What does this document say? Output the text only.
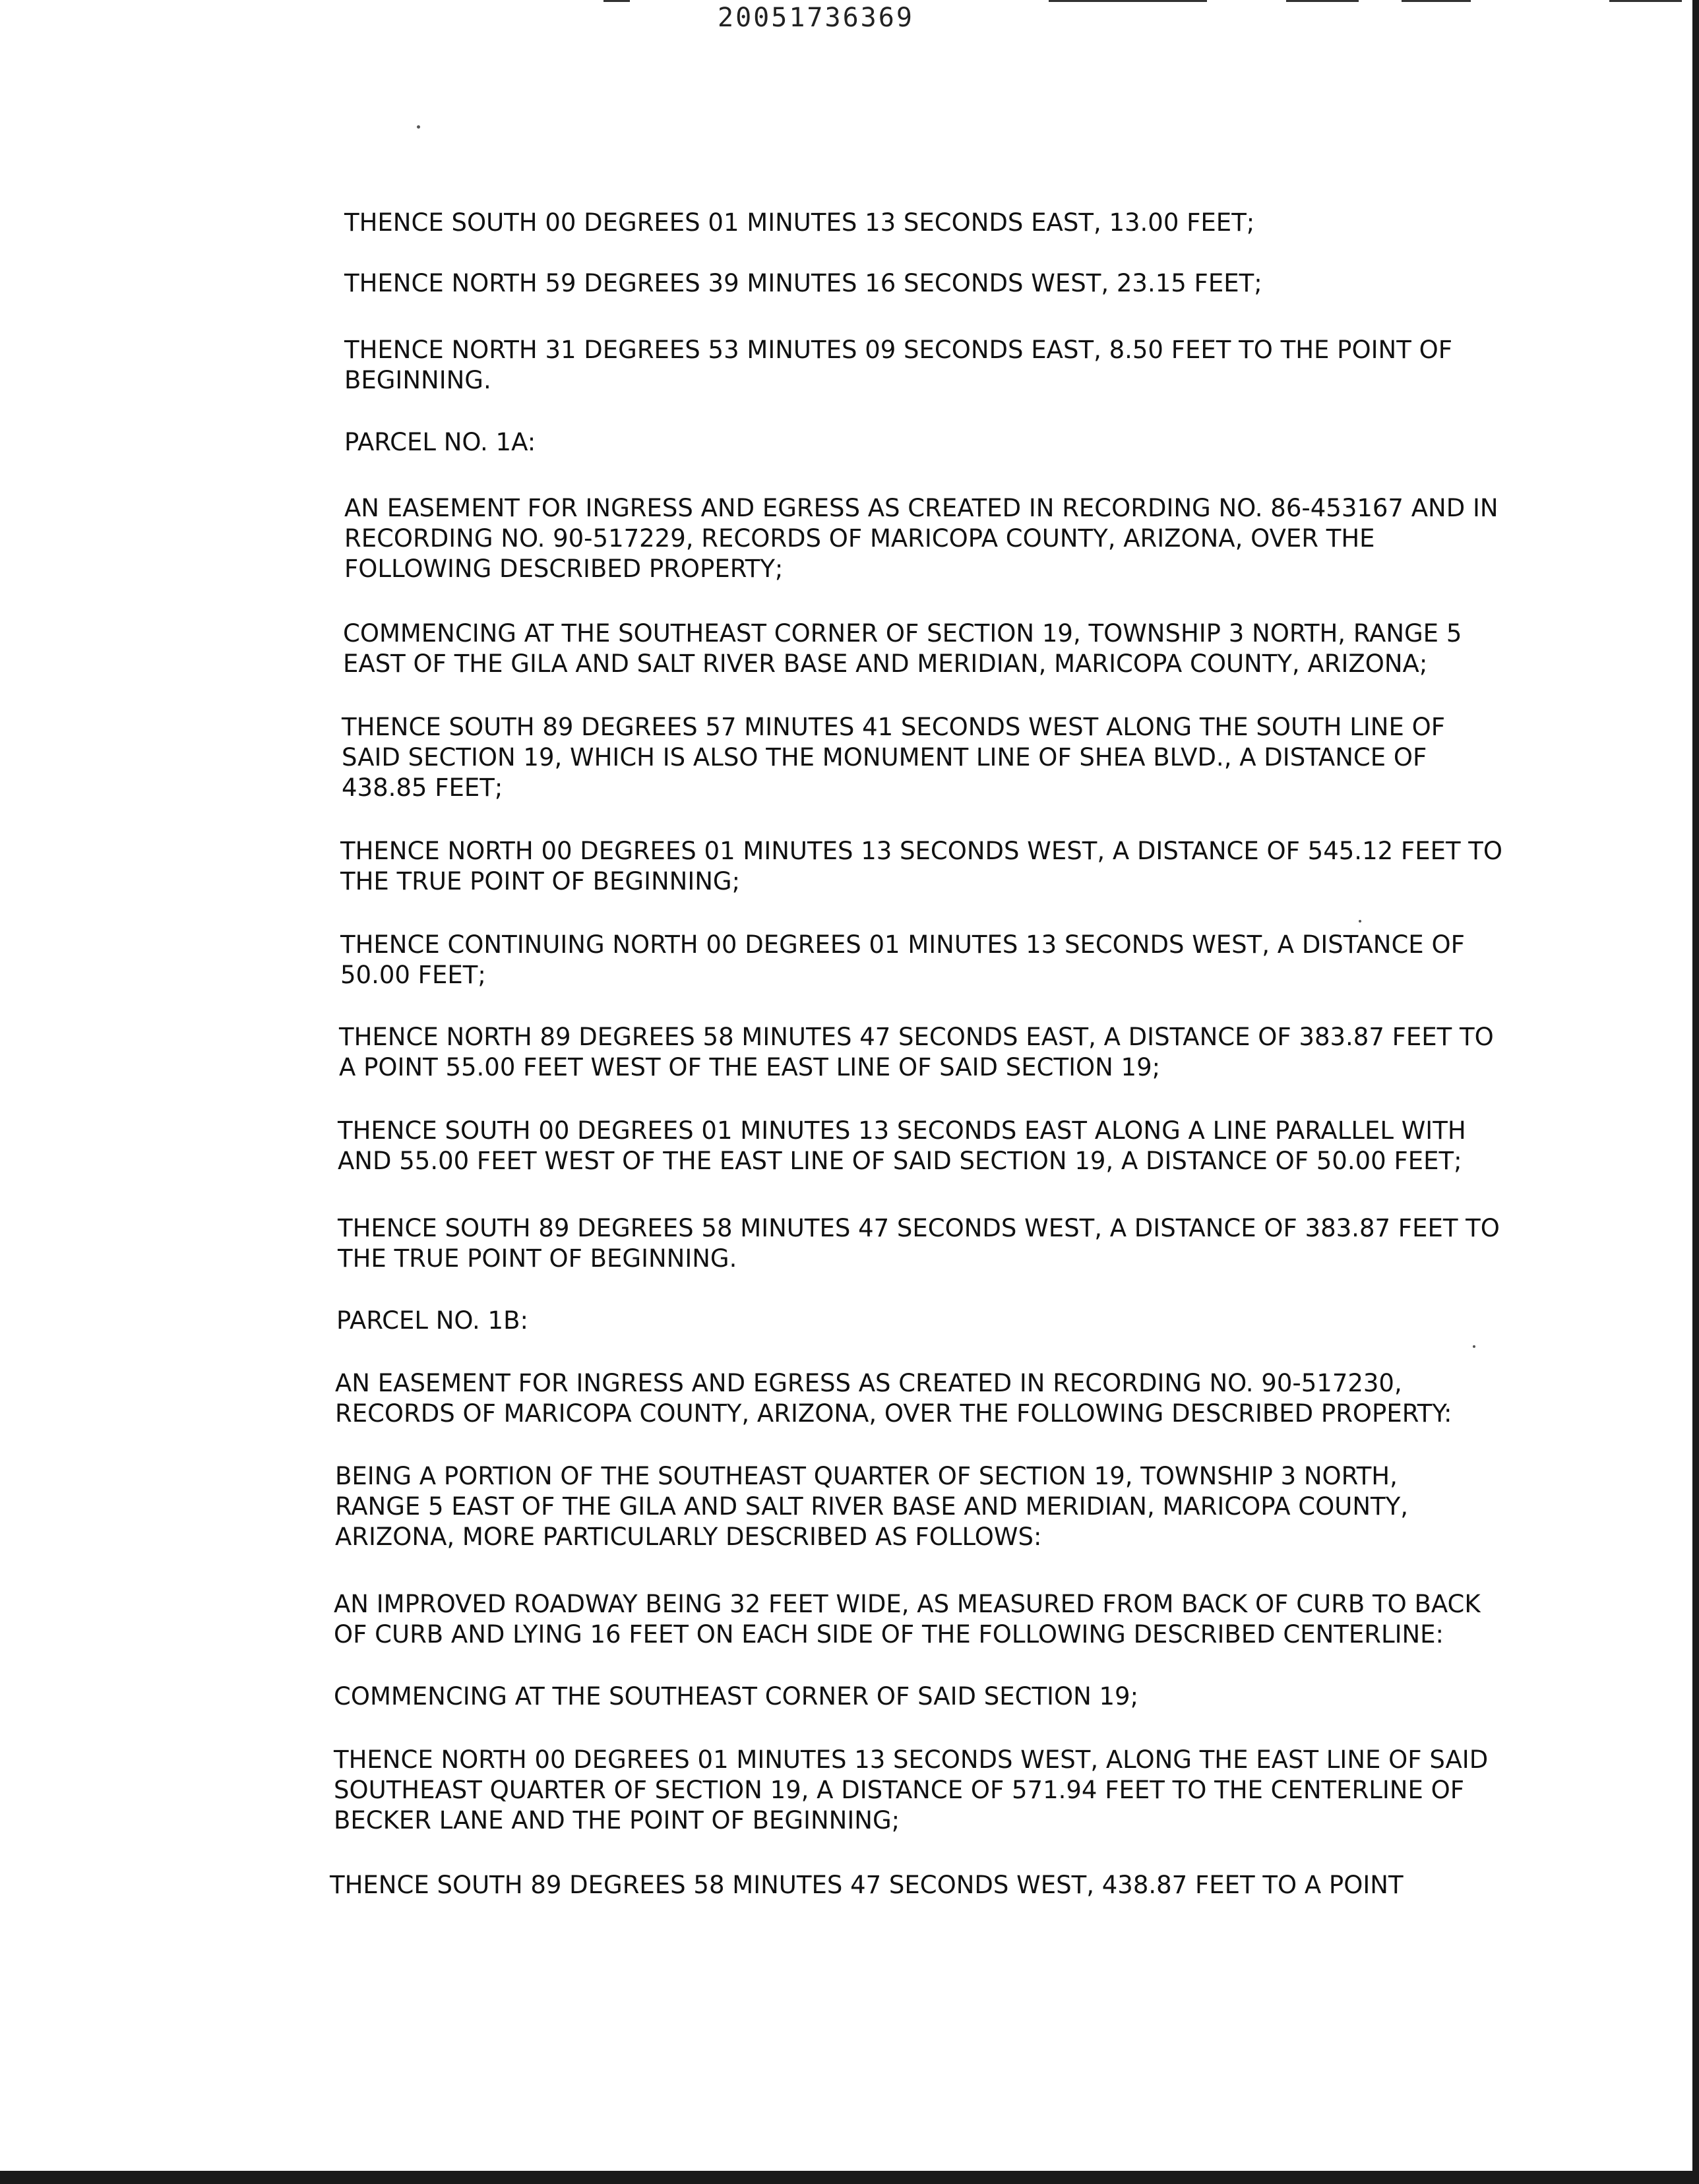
20051736369
THENCE SOUTH 00 DEGREES 01 MINUTES 13 SECONDS EAST, 13.00 FEET;
THENCE NORTH 59 DEGREES 39 MINUTES 16 SECONDS WEST, 23.15 FEET;
THENCE NORTH 31 DEGREES 53 MINUTES 09 SECONDS EAST, 8.50 FEET TO THE POINT OF
BEGINNING.
PARCEL NO. 1A:
AN EASEMENT FOR INGRESS AND EGRESS AS CREATED IN RECORDING NO. 86-453167 AND IN
RECORDING NO. 90-517229, RECORDS OF MARICOPA COUNTY, ARIZONA, OVER THE
FOLLOWING DESCRIBED PROPERTY;
COMMENCING AT THE SOUTHEAST CORNER OF SECTION 19, TOWNSHIP 3 NORTH, RANGE 5
EAST OF THE GILA AND SALT RIVER BASE AND MERIDIAN, MARICOPA COUNTY, ARIZONA;
THENCE SOUTH 89 DEGREES 57 MINUTES 41 SECONDS WEST ALONG THE SOUTH LINE OF
SAID SECTION 19, WHICH IS ALSO THE MONUMENT LINE OF SHEA BLVD., A DISTANCE OF
438.85 FEET;
THENCE NORTH 00 DEGREES 01 MINUTES 13 SECONDS WEST, A DISTANCE OF 545.12 FEET TO
THE TRUE POINT OF BEGINNING;
THENCE CONTINUING NORTH 00 DEGREES 01 MINUTES 13 SECONDS WEST, A DISTANCE OF
50.00 FEET;
THENCE NORTH 89 DEGREES 58 MINUTES 47 SECONDS EAST, A DISTANCE OF 383.87 FEET TO
A POINT 55.00 FEET WEST OF THE EAST LINE OF SAID SECTION 19;
THENCE SOUTH 00 DEGREES 01 MINUTES 13 SECONDS EAST ALONG A LINE PARALLEL WITH
AND 55.00 FEET WEST OF THE EAST LINE OF SAID SECTION 19, A DISTANCE OF 50.00 FEET;
THENCE SOUTH 89 DEGREES 58 MINUTES 47 SECONDS WEST, A DISTANCE OF 383.87 FEET TO
THE TRUE POINT OF BEGINNING.
PARCEL NO. 1B:
AN EASEMENT FOR INGRESS AND EGRESS AS CREATED IN RECORDING NO. 90-517230,
RECORDS OF MARICOPA COUNTY, ARIZONA, OVER THE FOLLOWING DESCRIBED PROPERTY:
BEING A PORTION OF THE SOUTHEAST QUARTER OF SECTION 19, TOWNSHIP 3 NORTH,
RANGE 5 EAST OF THE GILA AND SALT RIVER BASE AND MERIDIAN, MARICOPA COUNTY,
ARIZONA, MORE PARTICULARLY DESCRIBED AS FOLLOWS:
AN IMPROVED ROADWAY BEING 32 FEET WIDE, AS MEASURED FROM BACK OF CURB TO BACK
OF CURB AND LYING 16 FEET ON EACH SIDE OF THE FOLLOWING DESCRIBED CENTERLINE:
COMMENCING AT THE SOUTHEAST CORNER OF SAID SECTION 19;
THENCE NORTH 00 DEGREES 01 MINUTES 13 SECONDS WEST, ALONG THE EAST LINE OF SAID
SOUTHEAST QUARTER OF SECTION 19, A DISTANCE OF 571.94 FEET TO THE CENTERLINE OF
BECKER LANE AND THE POINT OF BEGINNING;
THENCE SOUTH 89 DEGREES 58 MINUTES 47 SECONDS WEST, 438.87 FEET TO A POINT
